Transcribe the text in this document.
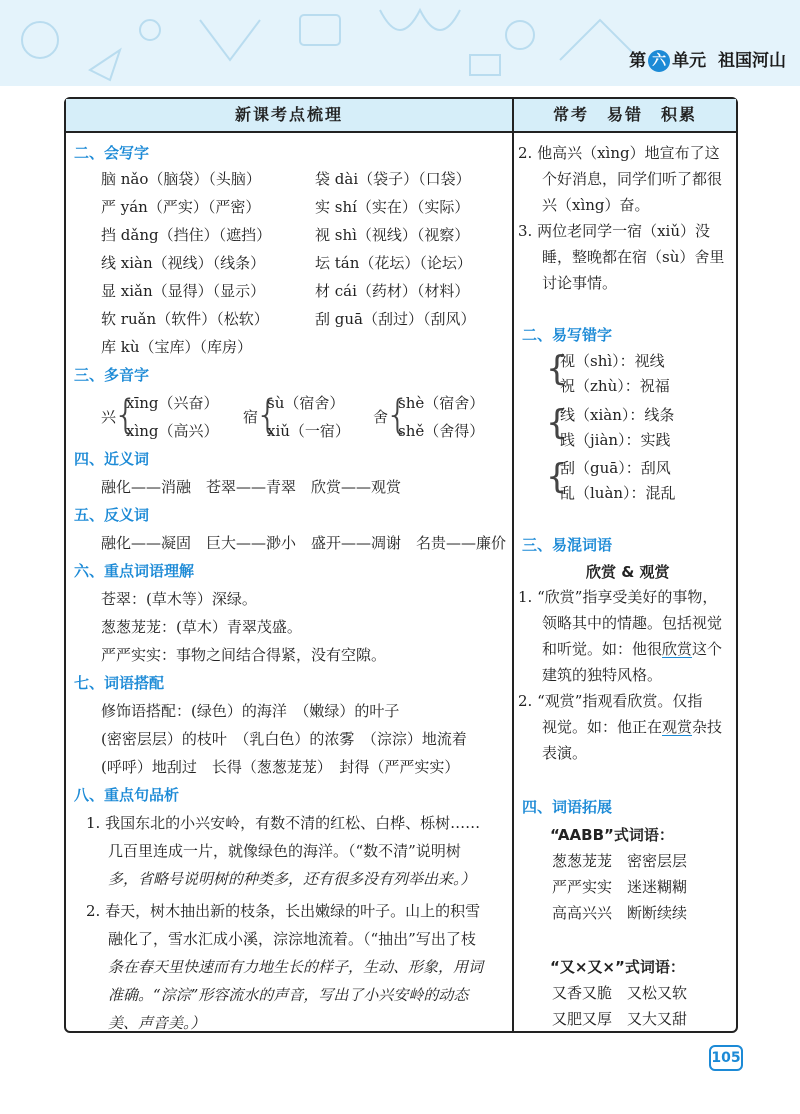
第 六 单元 祖国河山
新课考点梳理	常考　易错　积累
二、会写字
脑 nǎo（脑袋）（头脑）
严 yán（严实）（严密）
挡 dǎng（挡住）（遮挡）
线 xiàn（视线）（线条）
显 xiǎn（显得）（显示）
软 ruǎn（软件）（松软）
库 kù（宝库）（库房）
袋 dài（袋子）（口袋）
实 shí（实在）（实际）
视 shì（视线）（视察）
坛 tán（花坛）（论坛）
材 cái（药材）（材料）
刮 guā（刮过）（刮风）
三、多音字
兴
{
xīng（兴奋）
xìng（高兴）
宿
{
sù（宿舍）
xiǔ（一宿）
舍
{
shè（宿舍）
shě（舍得）
四、近义词
融化——消融　苍翠——青翠　欣赏——观赏
五、反义词
融化——凝固　巨大——渺小　盛开——凋谢　名贵——廉价
六、重点词语理解
苍翠：(草木等）深绿。
葱葱茏茏：(草木）青翠茂盛。
严严实实：事物之间结合得紧，没有空隙。
七、词语搭配
修饰语搭配：(绿色）的海洋　（嫩绿）的叶子
(密密层层）的枝叶　（乳白色）的浓雾　（淙淙）地流着
(呼呼）地刮过　长得（葱葱茏茏）　封得（严严实实）
八、重点句品析
1. 我国东北的小兴安岭，有数不清的红松、白桦、栎树……
几百里连成一片，就像绿色的海洋。（“数不清”说明树
多，省略号说明树的种类多，还有很多没有列举出来。）
2. 春天，树木抽出新的枝条，长出嫩绿的叶子。山上的积雪
融化了，雪水汇成小溪，淙淙地流着。（“抽出”写出了枝
条在春天里快速而有力地生长的样子，生动、形象，用词
准确。“淙淙”形容流水的声音，写出了小兴安岭的动态
美、声音美。）
2. 他高兴（xìng）地宣布了这
个好消息，同学们听了都很
兴（xìng）奋。
3. 两位老同学一宿（xiǔ）没
睡，整晚都在宿（sù）舍里
讨论事情。
二、易写错字
{
视（shì）：视线
祝（zhù）：祝福
{
线（xiàn）：线条
践（jiàn）：实践
{
刮（guā）：刮风
乱（luàn）：混乱
三、易混词语
欣赏 & 观赏
1. “欣赏”指享受美好的事物，
领略其中的情趣。包括视觉
和听觉。如：他很欣赏这个
建筑的独特风格。
2. “观赏”指观看欣赏。仅指
视觉。如：他正在观赏杂技
表演。
四、词语拓展
“AABB”式词语：
葱葱茏茏　密密层层
严严实实　迷迷糊糊
高高兴兴　断断续续
“又×又×”式词语：
又香又脆　又松又软
又肥又厚　又大又甜
105
